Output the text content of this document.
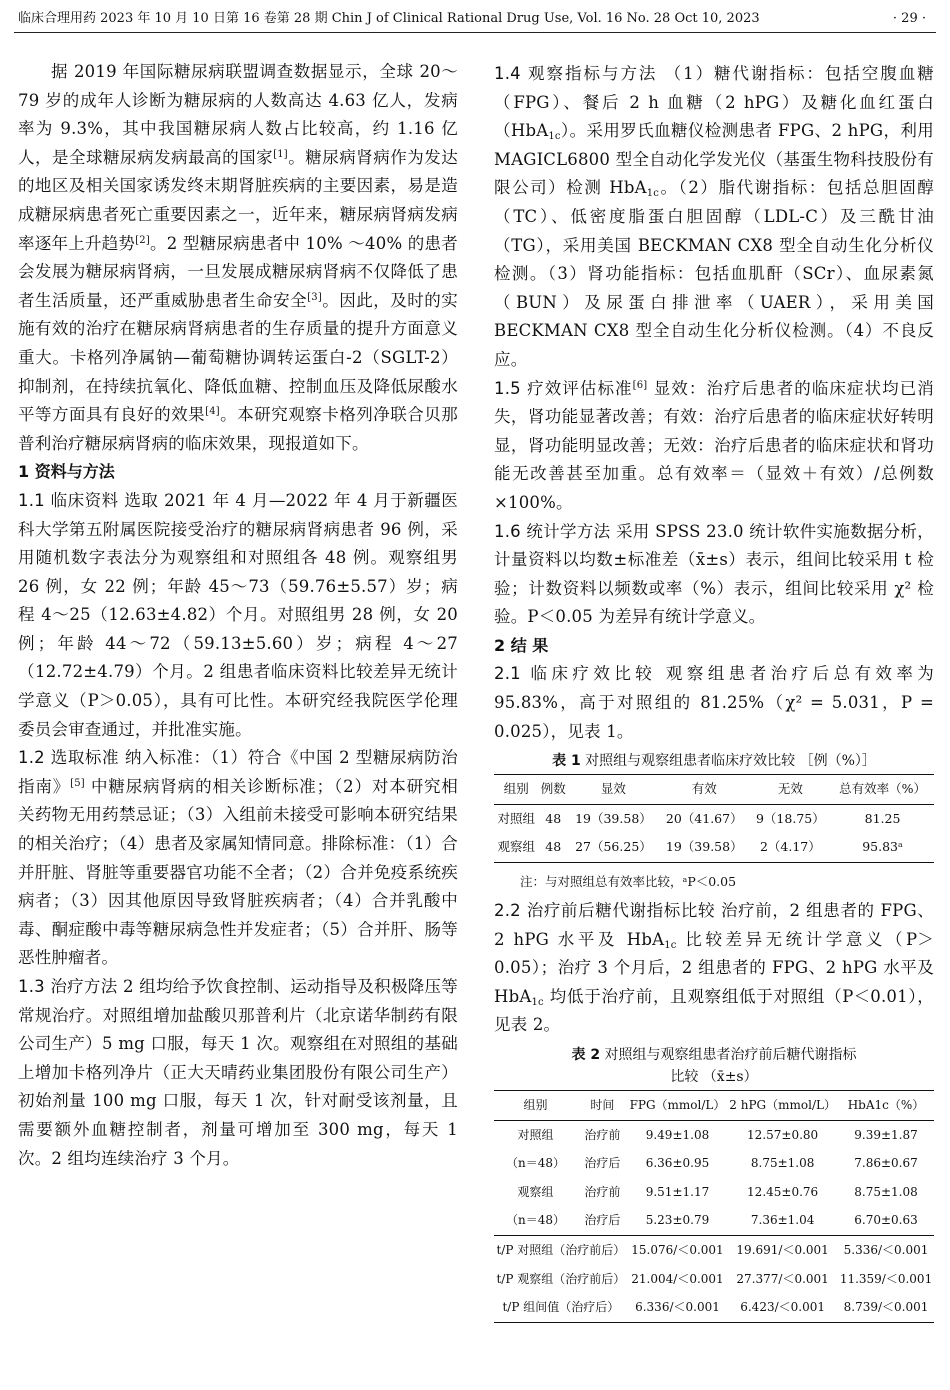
临床合理用药 2023 年 10 月 10 日第 16 卷第 28 期 Chin J of Clinical Rational Drug Use, Vol. 16 No. 28 Oct 10, 2023	· 29 ·

据 2019 年国际糖尿病联盟调查数据显示，全球 20～79 岁的成年人诊断为糖尿病的人数高达 4.63 亿人，发病率为 9.3%，其中我国糖尿病人数占比较高，约 1.16 亿人，是全球糖尿病发病最高的国家[1]。糖尿病肾病作为发达的地区及相关国家诱发终末期肾脏疾病的主要因素，易是造成糖尿病患者死亡重要因素之一，近年来，糖尿病肾病发病率逐年上升趋势[2]。2 型糖尿病患者中 10% ～40% 的患者会发展为糖尿病肾病，一旦发展成糖尿病肾病不仅降低了患者生活质量，还严重威胁患者生命安全[3]。因此，及时的实施有效的治疗在糖尿病肾病患者的生存质量的提升方面意义重大。卡格列净属钠—葡萄糖协调转运蛋白-2（SGLT-2）抑制剂，在持续抗氧化、降低血糖、控制血压及降低尿酸水平等方面具有良好的效果[4]。本研究观察卡格列净联合贝那普利治疗糖尿病肾病的临床效果，现报道如下。

1 资料与方法

1.1 临床资料 选取 2021 年 4 月—2022 年 4 月于新疆医科大学第五附属医院接受治疗的糖尿病肾病患者 96 例，采用随机数字表法分为观察组和对照组各 48 例。观察组男 26 例，女 22 例；年龄 45～73（59.76±5.57）岁；病程 4～25（12.63±4.82）个月。对照组男 28 例，女 20 例；年龄 44～72（59.13±5.60）岁；病程 4～27（12.72±4.79）个月。2 组患者临床资料比较差异无统计学意义（P＞0.05），具有可比性。本研究经我院医学伦理委员会审查通过，并批准实施。

1.2 选取标准 纳入标准：（1）符合《中国 2 型糖尿病防治指南》[5] 中糖尿病肾病的相关诊断标准；（2）对本研究相关药物无用药禁忌证；（3）入组前未接受可影响本研究结果的相关治疗；（4）患者及家属知情同意。排除标准：（1）合并肝脏、肾脏等重要器官功能不全者；（2）合并免疫系统疾病者；（3）因其他原因导致肾脏疾病者；（4）合并乳酸中毒、酮症酸中毒等糖尿病急性并发症者；（5）合并肝、肠等恶性肿瘤者。

1.3 治疗方法 2 组均给予饮食控制、运动指导及积极降压等常规治疗。对照组增加盐酸贝那普利片（北京诺华制药有限公司生产）5 mg 口服，每天 1 次。观察组在对照组的基础上增加卡格列净片（正大天晴药业集团股份有限公司生产）初始剂量 100 mg 口服，每天 1 次，针对耐受该剂量，且需要额外血糖控制者，剂量可增加至 300 mg，每天 1 次。2 组均连续治疗 3 个月。

1.4 观察指标与方法 （1）糖代谢指标：包括空腹血糖（FPG）、餐后 2 h 血糖（2 hPG）及糖化血红蛋白（HbA$_{1c}$）。采用罗氏血糖仪检测患者 FPG、2 hPG，利用 MAGICL6800 型全自动化学发光仪（基蛋生物科技股份有限公司）检测 HbA$_{1c}$。（2）脂代谢指标：包括总胆固醇（TC）、低密度脂蛋白胆固醇（LDL-C）及三酰甘油（TG），采用美国 BECKMAN CX8 型全自动生化分析仪检测。（3）肾功能指标：包括血肌酐（SCr）、血尿素氮（BUN）及尿蛋白排泄率（UAER），采用美国 BECKMAN CX8 型全自动生化分析仪检测。（4）不良反应。

1.5 疗效评估标准[6] 显效：治疗后患者的临床症状均已消失，肾功能显著改善；有效：治疗后患者的临床症状好转明显，肾功能明显改善；无效：治疗后患者的临床症状和肾功能无改善甚至加重。总有效率＝（显效＋有效）/总例数×100%。

1.6 统计学方法 采用 SPSS 23.0 统计软件实施数据分析，计量资料以均数±标准差（x̄±s）表示，组间比较采用 t 检验；计数资料以频数或率（%）表示，组间比较采用 χ² 检验。P＜0.05 为差异有统计学意义。

2 结 果

2.1 临床疗效比较 观察组患者治疗后总有效率为 95.83%，高于对照组的 81.25%（χ² = 5.031，P = 0.025），见表 1。

表 1 对照组与观察组患者临床疗效比较 ［例（%）］
组别	例数	显效	有效	无效	总有效率（%）
对照组	48	19（39.58）	20（41.67）	9（18.75）	81.25
观察组	48	27（56.25）	19（39.58）	2（4.17）	95.83ᵃ
注：与对照组总有效率比较，ᵃP＜0.05

2.2 治疗前后糖代谢指标比较 治疗前，2 组患者的 FPG、2 hPG 水平及 HbA$_{1c}$ 比较差异无统计学意义（P＞0.05）；治疗 3 个月后，2 组患者的 FPG、2 hPG 水平及 HbA$_{1c}$ 均低于治疗前，且观察组低于对照组（P＜0.01），见表 2。

表 2 对照组与观察组患者治疗前后糖代谢指标
比较 （x̄±s）
组别	时间	FPG（mmol/L）	2 hPG（mmol/L）	HbA1c（%）
对照组	治疗前	9.49±1.08	12.57±0.80	9.39±1.87
（n＝48）	治疗后	6.36±0.95	8.75±1.08	7.86±0.67
观察组	治疗前	9.51±1.17	12.45±0.76	8.75±1.08
（n＝48）	治疗后	5.23±0.79	7.36±1.04	6.70±0.63
t/P 对照组（治疗前后）		15.076/＜0.001	19.691/＜0.001	5.336/＜0.001
t/P 观察组（治疗前后）		21.004/＜0.001	27.377/＜0.001	11.359/＜0.001
t/P 组间值（治疗后）		6.336/＜0.001	6.423/＜0.001	8.739/＜0.001
